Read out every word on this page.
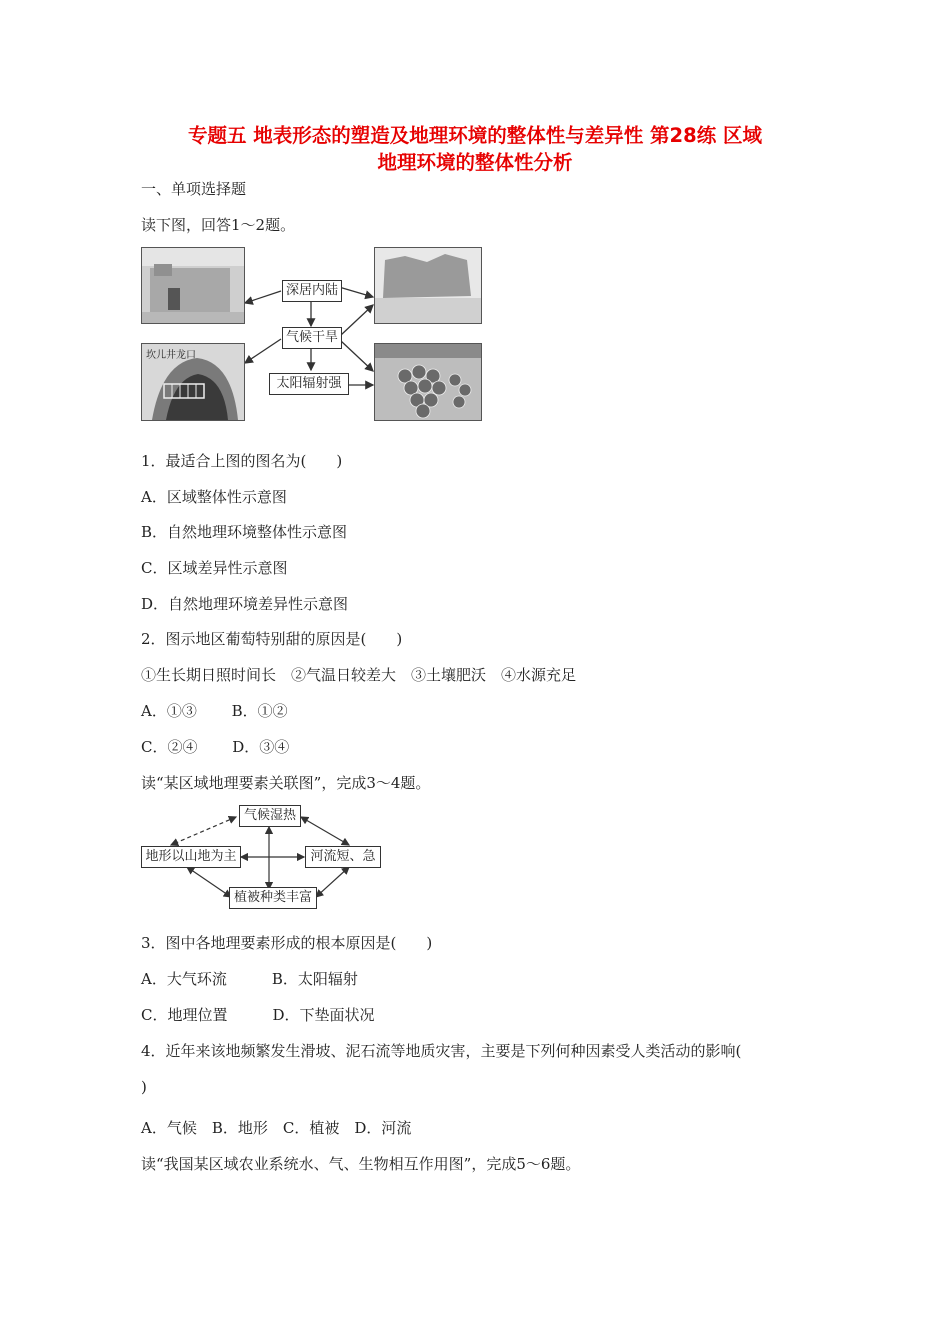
专题五 地表形态的塑造及地理环境的整体性与差异性 第28练 区域
地理环境的整体性分析
一、单项选择题
读下图，回答1～2题。
坎儿井龙口
深居内陆
气候干旱
太阳辐射强
1．最适合上图的图名为(　　)
A．区域整体性示意图
B．自然地理环境整体性示意图
C．区域差异性示意图
D．自然地理环境差异性示意图
2．图示地区葡萄特别甜的原因是(　　)
①生长期日照时间长　②气温日较差大　③土壤肥沃　④水源充足
A．①③　　 B．①②
C．②④　　 D．③④
读“某区域地理要素关联图”，完成3～4题。
气候湿热
地形以山地为主	河流短、急
植被种类丰富
3．图中各地理要素形成的根本原因是(　　)
A．大气环流　　　B．太阳辐射
C．地理位置　　　D．下垫面状况
4．近年来该地频繁发生滑坡、泥石流等地质灾害，主要是下列何种因素受人类活动的影响(
)
A．气候　B．地形　C．植被　D．河流
读“我国某区域农业系统水、气、生物相互作用图”，完成5～6题。
